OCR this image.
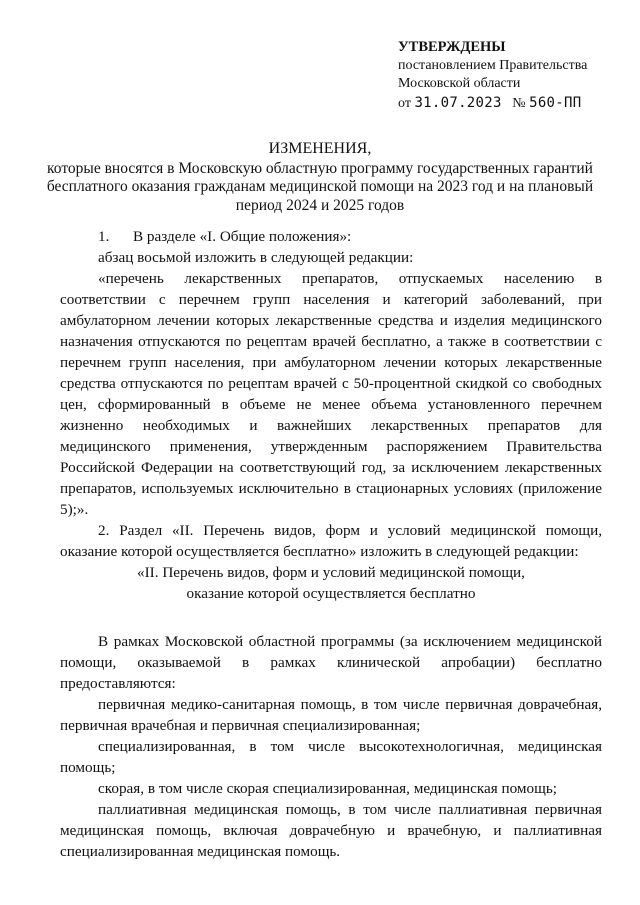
УТВЕРЖДЕНЫ
постановлением Правительства
Московской области
от 31.07.2023 № 560-ПП
ИЗМЕНЕНИЯ,
которые вносятся в Московскую областную программу государственных гарантий бесплатного оказания гражданам медицинской помощи на 2023 год и на плановый период 2024 и 2025 годов

1. В разделе «I. Общие положения»:

абзац восьмой изложить в следующей редакции:

«перечень лекарственных препаратов, отпускаемых населению в соответствии с перечнем групп населения и категорий заболеваний, при амбулаторном лечении которых лекарственные средства и изделия медицинского назначения отпускаются по рецептам врачей бесплатно, а также в соответствии с перечнем групп населения, при амбулаторном лечении которых лекарственные средства отпускаются по рецептам врачей с 50-процентной скидкой со свободных цен, сформированный в объеме не менее объема установленного перечнем жизненно необходимых и важнейших лекарственных препаратов для медицинского применения, утвержденным распоряжением Правительства Российской Федерации на соответствующий год, за исключением лекарственных препаратов, используемых исключительно в стационарных условиях (приложение 5);».

2. Раздел «II. Перечень видов, форм и условий медицинской помощи, оказание которой осуществляется бесплатно» изложить в следующей редакции:

«II. Перечень видов, форм и условий медицинской помощи,

оказание которой осуществляется бесплатно

В рамках Московской областной программы (за исключением медицинской помощи, оказываемой в рамках клинической апробации) бесплатно предоставляются:

первичная медико-санитарная помощь, в том числе первичная доврачебная, первичная врачебная и первичная специализированная;

специализированная, в том числе высокотехнологичная, медицинская помощь;

скорая, в том числе скорая специализированная, медицинская помощь;

паллиативная медицинская помощь, в том числе паллиативная первичная медицинская помощь, включая доврачебную и врачебную, и паллиативная специализированная медицинская помощь.
